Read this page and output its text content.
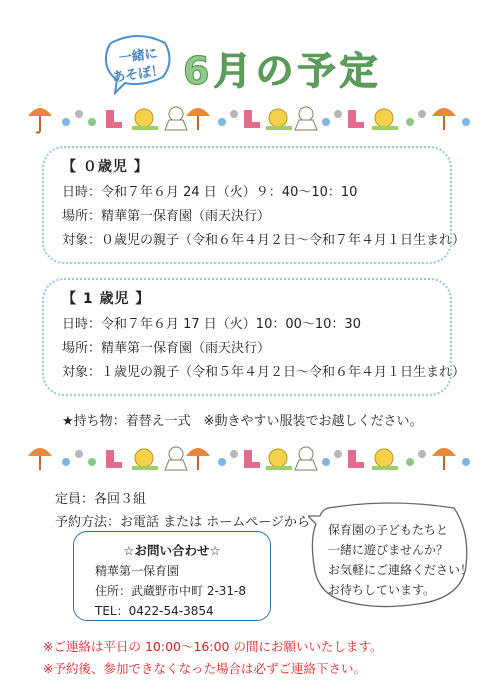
一緒に
あそぼ！ 6月の予定
【 ０歳児 】
日時：令和７年６月 24 日（火）９：40〜10：10
場所：精華第一保育園（雨天決行）
対象：０歳児の親子（令和６年４月２日〜令和７年４月１日生まれ）
【 1 歳児 】
日時：令和７年６月 17 日（火）10：00〜10：30
場所：精華第一保育園（雨天決行）
対象：１歳児の親子（令和５年４月２日〜令和６年４月１日生まれ）
★持ち物：着替え一式　※動きやすい服装でお越しください。
定員：各回３組
予約方法：お電話 または ホームページから
☆お問い合わせ☆
精華第一保育園
住所：武蔵野市中町 2-31-8
TEL：0422-54-3854
保育園の子どもたちと
一緒に遊びませんか？
お気軽にご連絡ください！
お待ちしています。
※ご連絡は平日の 10:00〜16:00 の間にお願いいたします。
※予約後、参加できなくなった場合は必ずご連絡下さい。
